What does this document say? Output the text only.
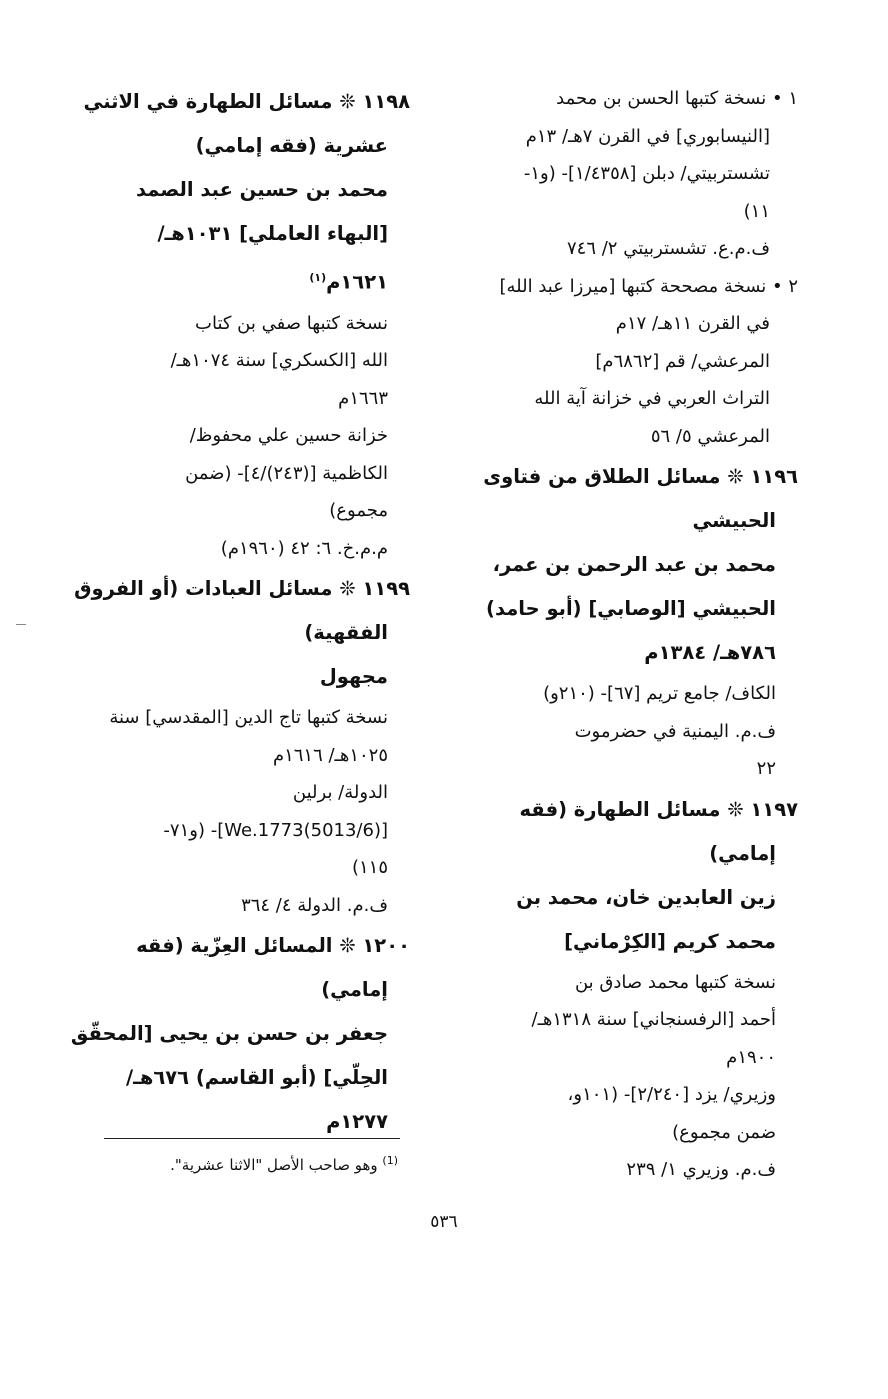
١ • نسخة كتبها الحسن بن محمد
[النيسابوري] في القرن ٧هـ/ ١٣م
تشستربيتي/ دبلن [١/٤٣٥٨]- (و١-
١١)
ف.م.ع. تشستربيتي ٢/ ٧٤٦
٢ • نسخة مصححة كتبها [ميرزا عبد الله]
في القرن ١١هـ/ ١٧م
المرعشي/ قم [٦٨٦٢م]
التراث العربي في خزانة آية الله
المرعشي ٥/ ٥٦
١١٩٦ ❊ مسائل الطلاق من فتاوى
الحبيشي
محمد بن عبد الرحمن بن عمر،
الحبيشي [الوصابي] (أبو حامد)
٧٨٦هـ/ ١٣٨٤م
الكاف/ جامع تريم [٦٧]- (٢١٠و)
ف.م. اليمنية في حضرموت
٢٢
١١٩٧ ❊ مسائل الطهارة (فقه
إمامي)
زين العابدين خان، محمد بن
محمد كريم [الكِرْماني]
نسخة كتبها محمد صادق بن
أحمد [الرفسنجاني] سنة ١٣١٨هـ/
١٩٠٠م
وزيري/ يزد [٢/٢٤٠]- (١٠١و،
ضمن مجموع)
ف.م. وزيري ١/ ٢٣٩
١١٩٨ ❊ مسائل الطهارة في الاثني
عشرية (فقه إمامي)
محمد بن حسين عبد الصمد
[البهاء العاملي] ١٠٣١هـ/
١٦٢١م$^{(١)}$
نسخة كتبها صفي بن كتاب
الله [الكسكري] سنة ١٠٧٤هـ/
١٦٦٣م
خزانة حسين علي محفوظ/
الكاظمية [(٢٤٣)/٤]- (ضمن
مجموع)
م.م.خ. ٦: ٤٢ (١٩٦٠م)
١١٩٩ ❊ مسائل العبادات (أو الفروق
الفقهية)
مجهول
نسخة كتبها تاج الدين [المقدسي] سنة
١٠٢٥هـ/ ١٦١٦م
الدولة/ برلين
[(5013/6)We.1773]- (و٧١-
١١٥)
ف.م. الدولة ٤/ ٣٦٤
١٢٠٠ ❊ المسائل العِزّية (فقه
إمامي)
جعفر بن حسن بن يحيى [المحقّق
الحِلّي] (أبو القاسم) ٦٧٦هـ/
١٢٧٧م
$^{(1)}$ وهو صاحب الأصل "الاثنا عشرية".
٥٣٦
